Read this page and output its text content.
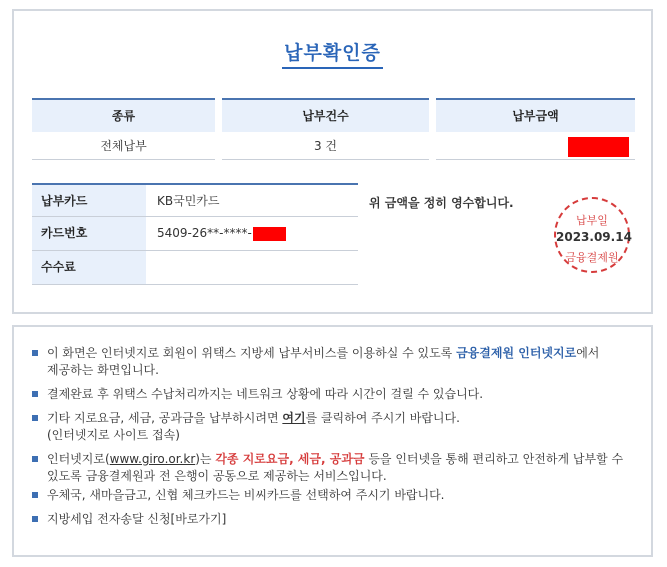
납부확인증
종류
전체납부
납부건수
3 건
납부금액
납부카드	KB국민카드
카드번호	5409-26**-****-
수수료
위 금액을 정히 영수합니다.
납부일
2023.09.14
금융결제원
이 화면은 인터넷지로 회원이 위택스 지방세 납부서비스를 이용하실 수 있도록 금융결제원 인터넷지로에서
제공하는 화면입니다.
결제완료 후 위택스 수납처리까지는 네트워크 상황에 따라 시간이 걸릴 수 있습니다.
기타 지로요금, 세금, 공과금을 납부하시려면 여기를 클릭하여 주시기 바랍니다.
(인터넷지로 사이트 접속)
인터넷지로(www.giro.or.kr)는 각종 지로요금, 세금, 공과금 등을 인터넷을 통해 편리하고 안전하게 납부할 수
있도록 금융결제원과 전 은행이 공동으로 제공하는 서비스입니다.
우체국, 새마을금고, 신협 체크카드는 비씨카드를 선택하여 주시기 바랍니다.
지방세입 전자송달 신청[바로가기]
